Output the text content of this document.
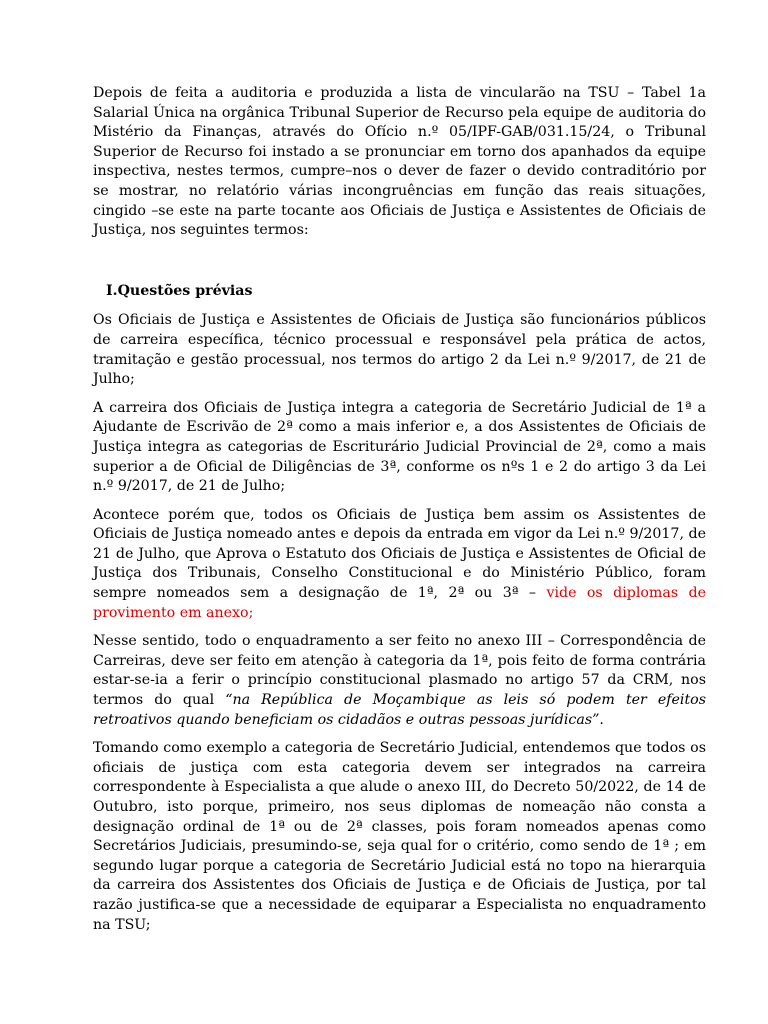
Depois de feita a auditoria e produzida a lista de vincularão na TSU – Tabel 1a Salarial Única na orgânica Tribunal Superior de Recurso pela equipe de auditoria do Mistério da Finanças, através do Ofício n.º 05/IPF-GAB/031.15/24, o Tribunal Superior de Recurso foi instado a se pronunciar em torno dos apanhados da equipe inspectiva, nestes termos, cumpre–nos o dever de fazer o devido contraditório por se mostrar, no relatório várias incongruências em função das reais situações, cingido –se este na parte tocante aos Oficiais de Justiça e Assistentes de Oficiais de Justiça, nos seguintes termos:

I.Questões prévias

Os Oficiais de Justiça e Assistentes de Oficiais de Justiça são funcionários públicos de carreira específica, técnico processual e responsável pela prática de actos, tramitação e gestão processual, nos termos do artigo 2 da Lei n.º 9/2017, de 21 de Julho;

A carreira dos Oficiais de Justiça integra a categoria de Secretário Judicial de 1ª a Ajudante de Escrivão de 2ª como a mais inferior e, a dos Assistentes de Oficiais de Justiça integra as categorias de Escriturário Judicial Provincial de 2ª, como a mais superior a de Oficial de Diligências de 3ª, conforme os nºs 1 e 2 do artigo 3 da Lei n.º 9/2017, de 21 de Julho;

Acontece porém que, todos os Oficiais de Justiça bem assim os Assistentes de Oficiais de Justiça nomeado antes e depois da entrada em vigor da Lei n.º 9/2017, de 21 de Julho, que Aprova o Estatuto dos Oficiais de Justiça e Assistentes de Oficial de Justiça dos Tribunais, Conselho Constitucional e do Ministério Público, foram sempre nomeados sem a designação de 1ª, 2ª ou 3ª – vide os diplomas de provimento em anexo;

Nesse sentido, todo o enquadramento a ser feito no anexo III – Correspondência de Carreiras, deve ser feito em atenção à categoria da 1ª, pois feito de forma contrária estar-se-ia a ferir o princípio constitucional plasmado no artigo 57 da CRM, nos termos do qual “na República de Moçambique as leis só podem ter efeitos retroativos quando beneficiam os cidadãos e outras pessoas jurídicas”.

Tomando como exemplo a categoria de Secretário Judicial, entendemos que todos os oficiais de justiça com esta categoria devem ser integrados na carreira correspondente à Especialista a que alude o anexo III, do Decreto 50/2022, de 14 de Outubro, isto porque, primeiro, nos seus diplomas de nomeação não consta a designação ordinal de 1ª ou de 2ª classes, pois foram nomeados apenas como Secretários Judiciais, presumindo-se, seja qual for o critério, como sendo de 1ª ; em segundo lugar porque a categoria de Secretário Judicial está no topo na hierarquia da carreira dos Assistentes dos Oficiais de Justiça e de Oficiais de Justiça, por tal razão justifica-se que a necessidade de equiparar a Especialista no enquadramento na TSU;
